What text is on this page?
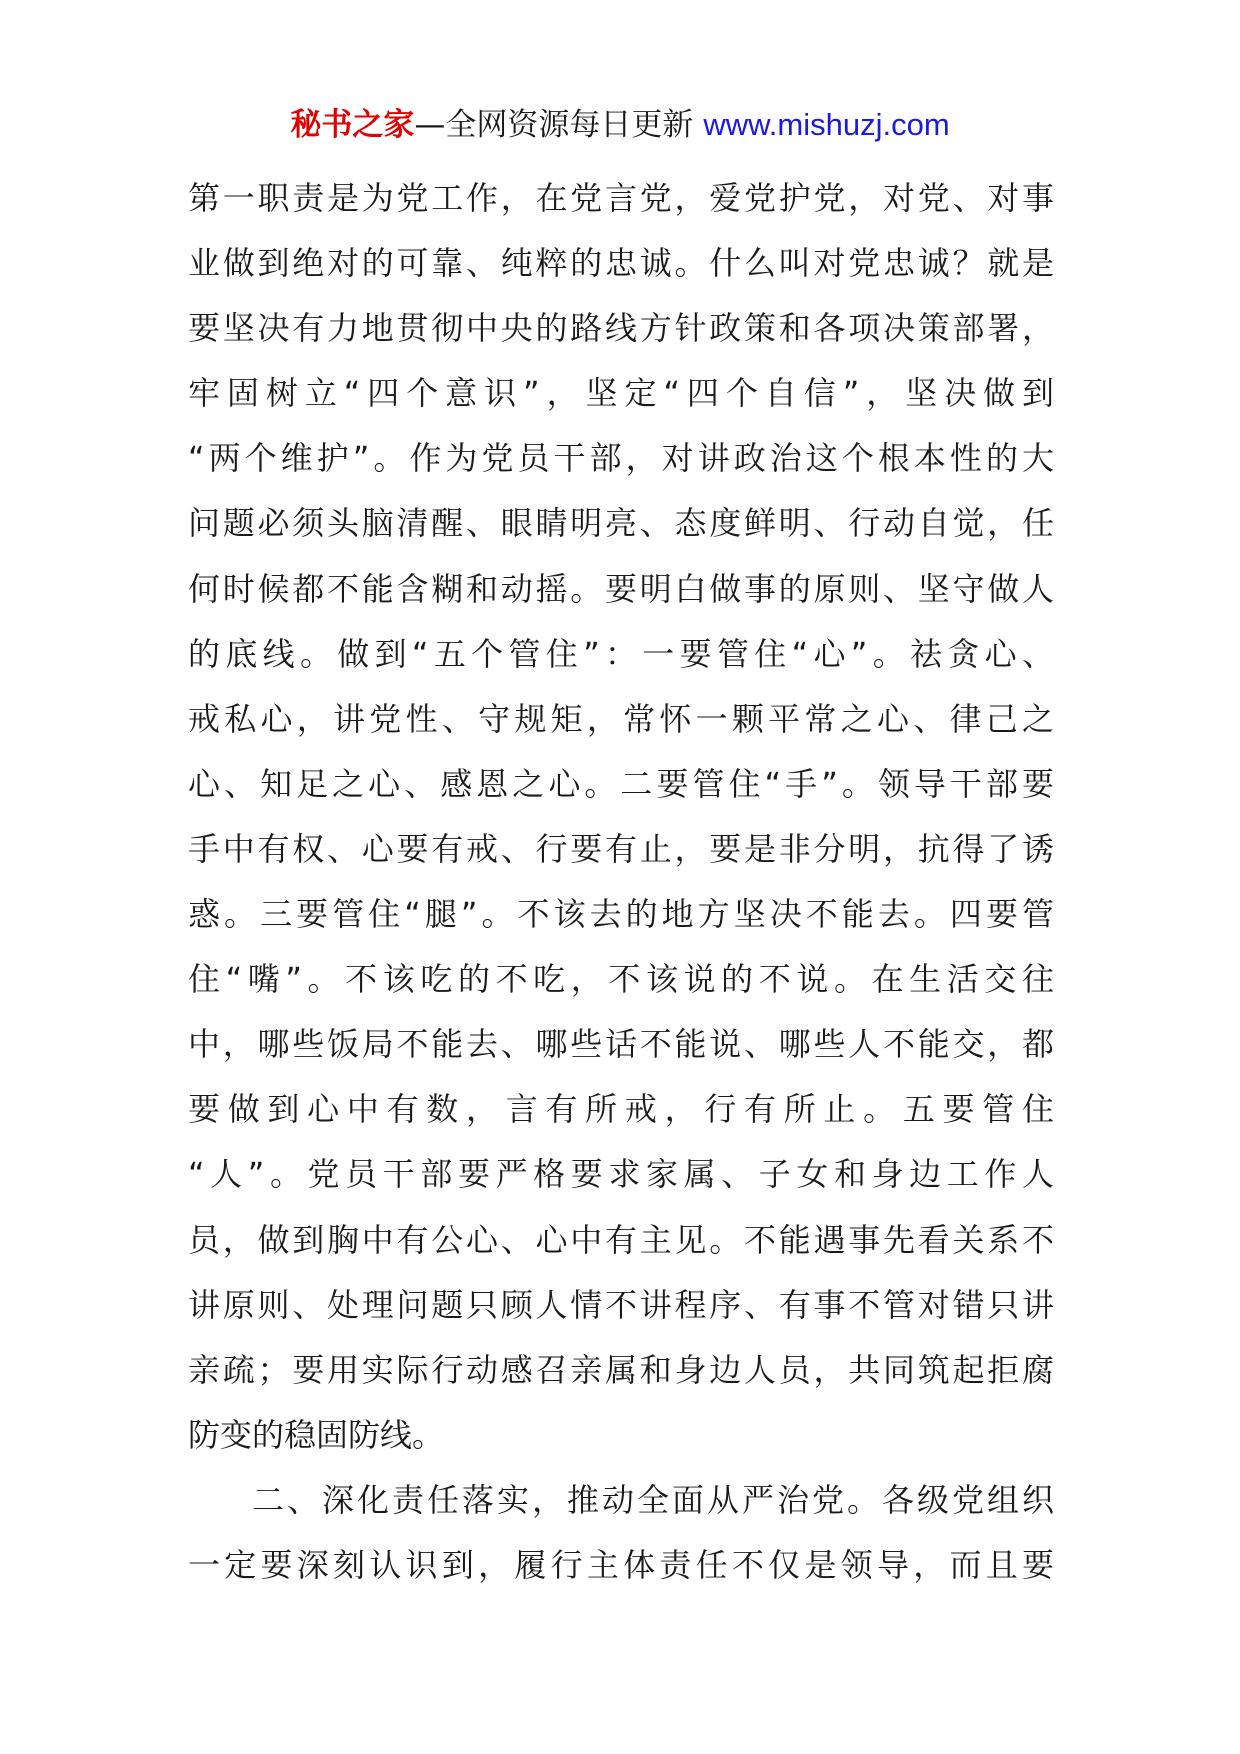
秘书之家—全网资源每日更新 www.mishuzj.com
第一职责是为党工作，在党言党，爱党护党，对党、对事
业做到绝对的可靠、纯粹的忠诚。什么叫对党忠诚？就是
要坚决有力地贯彻中央的路线方针政策和各项决策部署，
牢固树立“四个意识”，坚定“四个自信”，坚决做到
“两个维护”。作为党员干部，对讲政治这个根本性的大
问题必须头脑清醒、眼睛明亮、态度鲜明、行动自觉，任
何时候都不能含糊和动摇。要明白做事的原则、坚守做人
的底线。做到“五个管住”：一要管住“心”。祛贪心、
戒私心，讲党性、守规矩，常怀一颗平常之心、律己之
心、知足之心、感恩之心。二要管住“手”。领导干部要
手中有权、心要有戒、行要有止，要是非分明，抗得了诱
惑。三要管住“腿”。不该去的地方坚决不能去。四要管
住“嘴”。不该吃的不吃，不该说的不说。在生活交往
中，哪些饭局不能去、哪些话不能说、哪些人不能交，都
要做到心中有数，言有所戒，行有所止。五要管住
“人”。党员干部要严格要求家属、子女和身边工作人
员，做到胸中有公心、心中有主见。不能遇事先看关系不
讲原则、处理问题只顾人情不讲程序、有事不管对错只讲
亲疏；要用实际行动感召亲属和身边人员，共同筑起拒腐
防变的稳固防线。
二、深化责任落实，推动全面从严治党。各级党组织
一定要深刻认识到，履行主体责任不仅是领导，而且要
